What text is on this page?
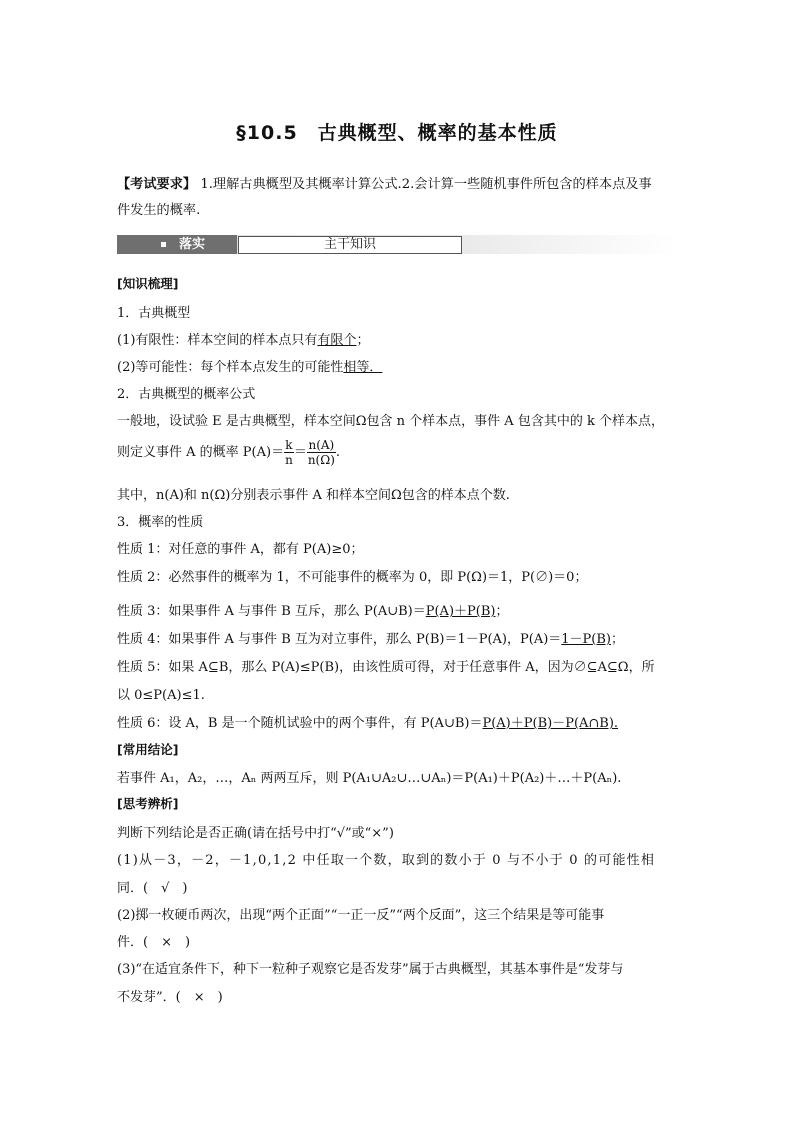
§10.5　古典概型、概率的基本性质
【考试要求】 1.理解古典概型及其概率计算公式.2.会计算一些随机事件所包含的样本点及事
件发生的概率.
落实	主干知识
[知识梳理]
1．古典概型
(1)有限性：样本空间的样本点只有有限个；
(2)等可能性：每个样本点发生的可能性相等．
2．古典概型的概率公式
一般地，设试验 E 是古典概型，样本空间Ω包含 n 个样本点，事件 A 包含其中的 k 个样本点，
则定义事件 A 的概率 $P(A)= \frac{k}{n} = \frac{n(A)}{n(\Omega)}$ .
其中，n(A)和 n(Ω)分别表示事件 A 和样本空间Ω包含的样本点个数.
3．概率的性质
性质 1：对任意的事件 A，都有 P(A)≥0；
性质 2：必然事件的概率为 1，不可能事件的概率为 0，即 P(Ω)＝1，P(∅)＝0；
性质 3：如果事件 A 与事件 B 互斥，那么 P(A∪B)＝P(A)＋P(B)；
性质 4：如果事件 A 与事件 B 互为对立事件，那么 P(B)＝1－P(A)，P(A)＝1－P(B)；
性质 5：如果 A⊆B，那么 P(A)≤P(B)，由该性质可得，对于任意事件 A，因为∅⊆A⊆Ω，所
以 0≤P(A)≤1.
性质 6：设 A，B 是一个随机试验中的两个事件，有 P(A∪B)＝P(A)＋P(B)－P(A∩B).
[常用结论]
若事件 A₁，A₂，…，Aₙ 两两互斥，则 P(A₁∪A₂∪…∪Aₙ)＝P(A₁)＋P(A₂)＋…＋P(Aₙ).
[思考辨析]
判断下列结论是否正确(请在括号中打“√”或“×”)
(1)从－3，－2，－1,0,1,2 中任取一个数，取到的数小于 0 与不小于 0 的可能性相
同．(　√　)
(2)掷一枚硬币两次，出现“两个正面”“一正一反”“两个反面”，这三个结果是等可能事
件．(　×　)
(3)“在适宜条件下，种下一粒种子观察它是否发芽”属于古典概型，其基本事件是“发芽与
不发芽”．(　×　)
